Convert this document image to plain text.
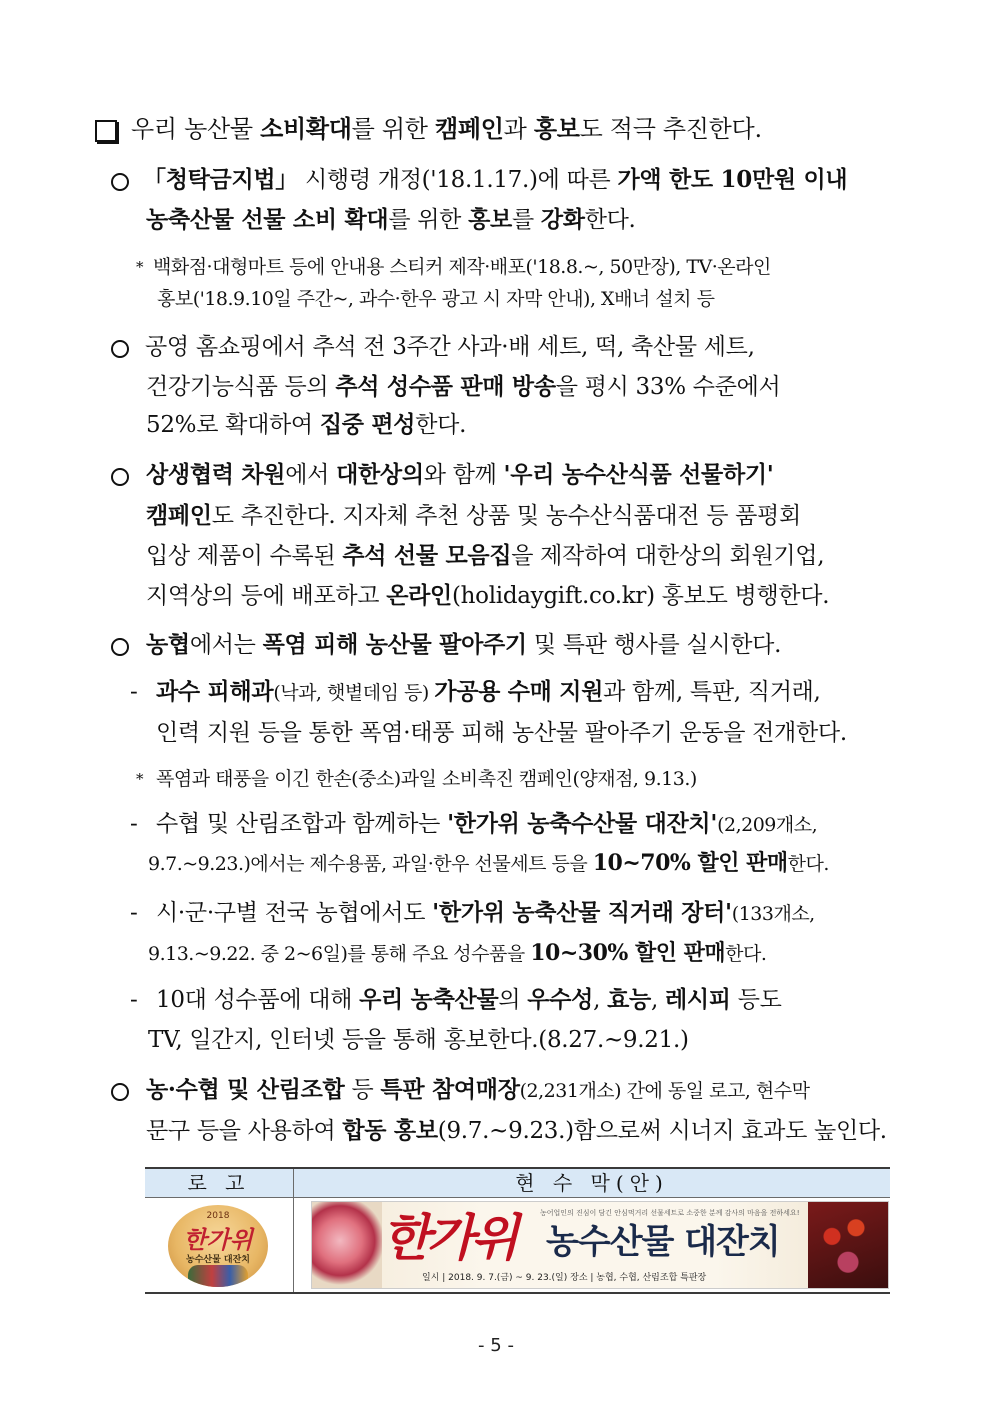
우리 농산물 소비확대를 위한 캠페인과 홍보도 적극 추진한다.
「청탁금지법」 시행령 개정('18.1.17.)에 따른 가액 한도 10만원 이내
농축산물 선물 소비 확대를 위한 홍보를 강화한다.
* 백화점·대형마트 등에 안내용 스티커 제작·배포('18.8.~, 50만장), TV·온라인
홍보('18.9.10일 주간~, 과수·한우 광고 시 자막 안내), X배너 설치 등
공영 홈쇼핑에서 추석 전 3주간 사과·배 세트, 떡, 축산물 세트,
건강기능식품 등의 추석 성수품 판매 방송을 평시 33% 수준에서
52%로 확대하여 집중 편성한다.
상생협력 차원에서 대한상의와 함께 '우리 농수산식품 선물하기'
캠페인도 추진한다. 지자체 추천 상품 및 농수산식품대전 등 품평회
입상 제품이 수록된 추석 선물 모음집을 제작하여 대한상의 회원기업,
지역상의 등에 배포하고 온라인(holidaygift.co.kr) 홍보도 병행한다.
농협에서는 폭염 피해 농산물 팔아주기 및 특판 행사를 실시한다.
- 과수 피해과(낙과, 햇볕데임 등) 가공용 수매 지원과 함께, 특판, 직거래,
인력 지원 등을 통한 폭염·태풍 피해 농산물 팔아주기 운동을 전개한다.
* 폭염과 태풍을 이긴 한손(중소)과일 소비촉진 캠페인(양재점, 9.13.)
- 수협 및 산림조합과 함께하는 '한가위 농축수산물 대잔치'(2,209개소,
9.7.~9.23.)에서는 제수용품, 과일·한우 선물세트 등을 10~70% 할인 판매한다.
- 시·군·구별 전국 농협에서도 '한가위 농축산물 직거래 장터'(133개소,
9.13.~9.22. 중 2~6일)를 통해 주요 성수품을 10~30% 할인 판매한다.
- 10대 성수품에 대해 우리 농축산물의 우수성, 효능, 레시피 등도
TV, 일간지, 인터넷 등을 통해 홍보한다.(8.27.~9.21.)
농·수협 및 산림조합 등 특판 참여매장(2,231개소) 간에 동일 로고, 현수막
문구 등을 사용하여 합동 홍보(9.7.~9.23.)함으로써 시너지 효과도 높인다.
로 고	현 수 막(안)
2018
한가위
농수산물 대잔치
농어업인의 진심이 담긴 안심먹거리 선물세트로 소중한 분께 감사의 마음을 전하세요!
한가위 농수산물 대잔치
일시 | 2018. 9. 7.(금) ~ 9. 23.(일) 장소 | 농협, 수협, 산림조합 특판장
- 5 -
